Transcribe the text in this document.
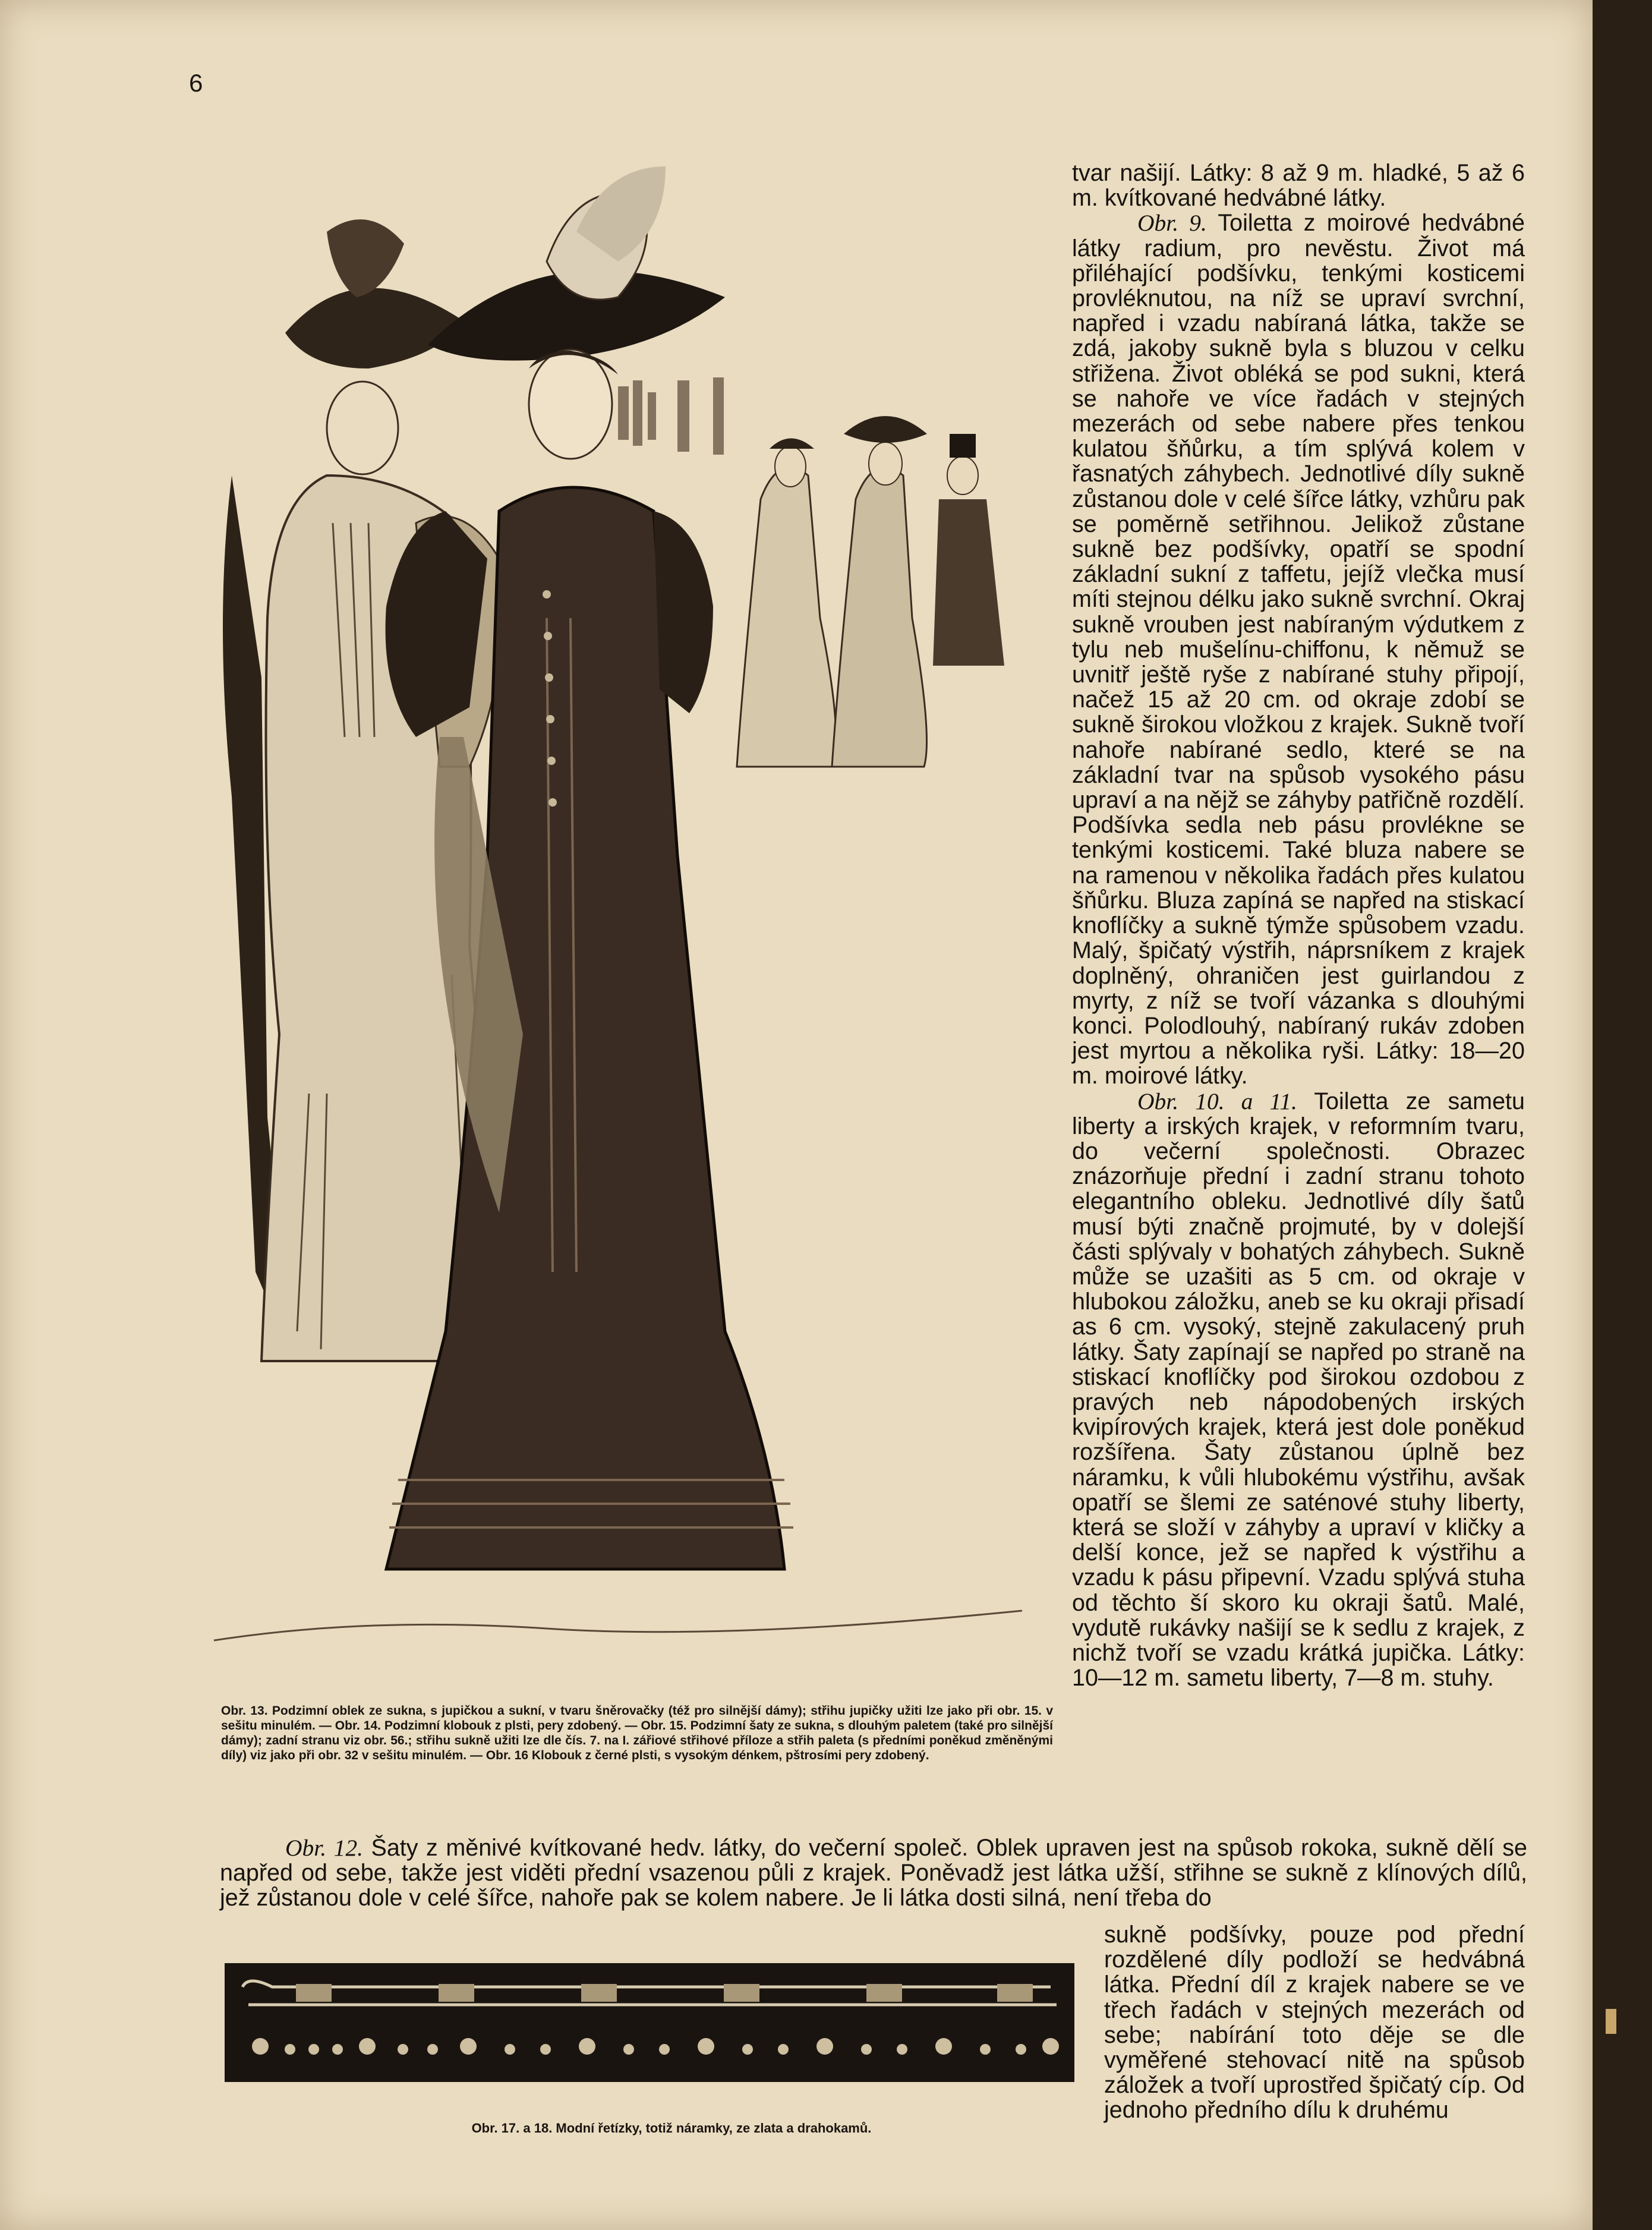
6
Obr. 13. Podzimní oblek ze sukna, s jupičkou a sukní, v tvaru šněrovačky (též pro silnější dámy); střihu jupičky užiti lze jako při obr. 15. v sešitu minulém. — Obr. 14. Podzimní klobouk z plsti, pery zdobený. — Obr. 15. Podzimní šaty ze sukna, s dlouhým paletem (také pro silnější dámy); zadní stranu viz obr. 56.; střihu sukně užiti lze dle čís. 7. na I. zářiové střihové příloze a střih paleta (s předními poněkud změněnými díly) viz jako při obr. 32 v sešitu minulém. — Obr. 16 Klobouk z černé plsti, s vysokým dénkem, pštrosími pery zdobený.

tvar našijí. Látky: 8 až 9 m. hladké, 5 až 6 m. kvítkované hedvábné látky.

Obr. 9. Toiletta z moirové hedvábné látky radium, pro nevěstu. Život má přiléhající podšívku, tenkými kosticemi provléknutou, na níž se upraví svrchní, napřed i vzadu nabíraná látka, takže se zdá, jakoby sukně byla s bluzou v celku střižena. Život obléká se pod sukni, která se nahoře ve více řadách v stejných mezerách od sebe nabere přes tenkou kulatou šňůrku, a tím splývá kolem v řasnatých záhybech. Jednotlivé díly sukně zůstanou dole v celé šířce látky, vzhůru pak se poměrně setřihnou. Jelikož zůstane sukně bez podšívky, opatří se spodní základní sukní z taffetu, jejíž vlečka musí míti stejnou délku jako sukně svrchní. Okraj sukně vrouben jest nabíraným výdutkem z tylu neb mušelínu-chiffonu, k němuž se uvnitř ještě ryše z nabírané stuhy připojí, načež 15 až 20 cm. od okraje zdobí se sukně širokou vložkou z krajek. Sukně tvoří nahoře nabírané sedlo, které se na základní tvar na spůsob vysokého pásu upraví a na nějž se záhyby patřičně rozdělí. Podšívka sedla neb pásu provlékne se tenkými kosticemi. Také bluza nabere se na ramenou v několika řadách přes kulatou šňůrku. Bluza zapíná se napřed na stiskací knoflíčky a sukně týmže spůsobem vzadu. Malý, špičatý výstřih, náprsníkem z krajek doplněný, ohraničen jest guirlandou z myrty, z níž se tvoří vázanka s dlouhými konci. Polodlouhý, nabíraný rukáv zdoben jest myrtou a několika ryši. Látky: 18—20 m. moirové látky.

Obr. 10. a 11. Toiletta ze sametu liberty a irských krajek, v reformním tvaru, do večerní společnosti. Obrazec znázorňuje přední i zadní stranu tohoto elegantního obleku. Jednotlivé díly šatů musí býti značně projmuté, by v dolejší části splývaly v bohatých záhybech. Sukně může se uzašiti as 5 cm. od okraje v hlubokou záložku, aneb se ku okraji přisadí as 6 cm. vysoký, stejně zakulacený pruh látky. Šaty zapínají se napřed po straně na stiskací knoflíčky pod širokou ozdobou z pravých neb nápodobených irských kvipírových krajek, která jest dole poněkud rozšířena. Šaty zůstanou úplně bez náramku, k vůli hlubokému výstřihu, avšak opatří se šlemi ze saténové stuhy liberty, která se složí v záhyby a upraví v kličky a delší konce, jež se napřed k výstřihu a vzadu k pásu připevní. Vzadu splývá stuha od těchto ší skoro ku okraji šatů. Malé, vydutě rukávky našijí se k sedlu z krajek, z nichž tvoří se vzadu krátká jupička. Látky: 10—12 m. sametu liberty, 7—8 m. stuhy.

Obr. 12. Šaty z měnivé kvítkované hedv. látky, do večerní společ. Oblek upraven jest na spůsob rokoka, sukně dělí se napřed od sebe, takže jest viděti přední vsazenou půli z krajek. Poněvadž jest látka užší, střihne se sukně z klínových dílů, jež zůstanou dole v celé šířce, nahoře pak se kolem nabere. Je li látka dosti silná, není třeba do

sukně podšívky, pouze pod přední rozdělené díly podloží se hedvábná látka. Přední díl z krajek nabere se ve třech řadách v stejných mezerách od sebe; nabírání toto děje se dle vyměřené stehovací nitě na spůsob záložek a tvoří uprostřed špičatý cíp. Od jednoho předního dílu k druhému

Obr. 17. a 18. Modní řetízky, totiž náramky, ze zlata a drahokamů.
